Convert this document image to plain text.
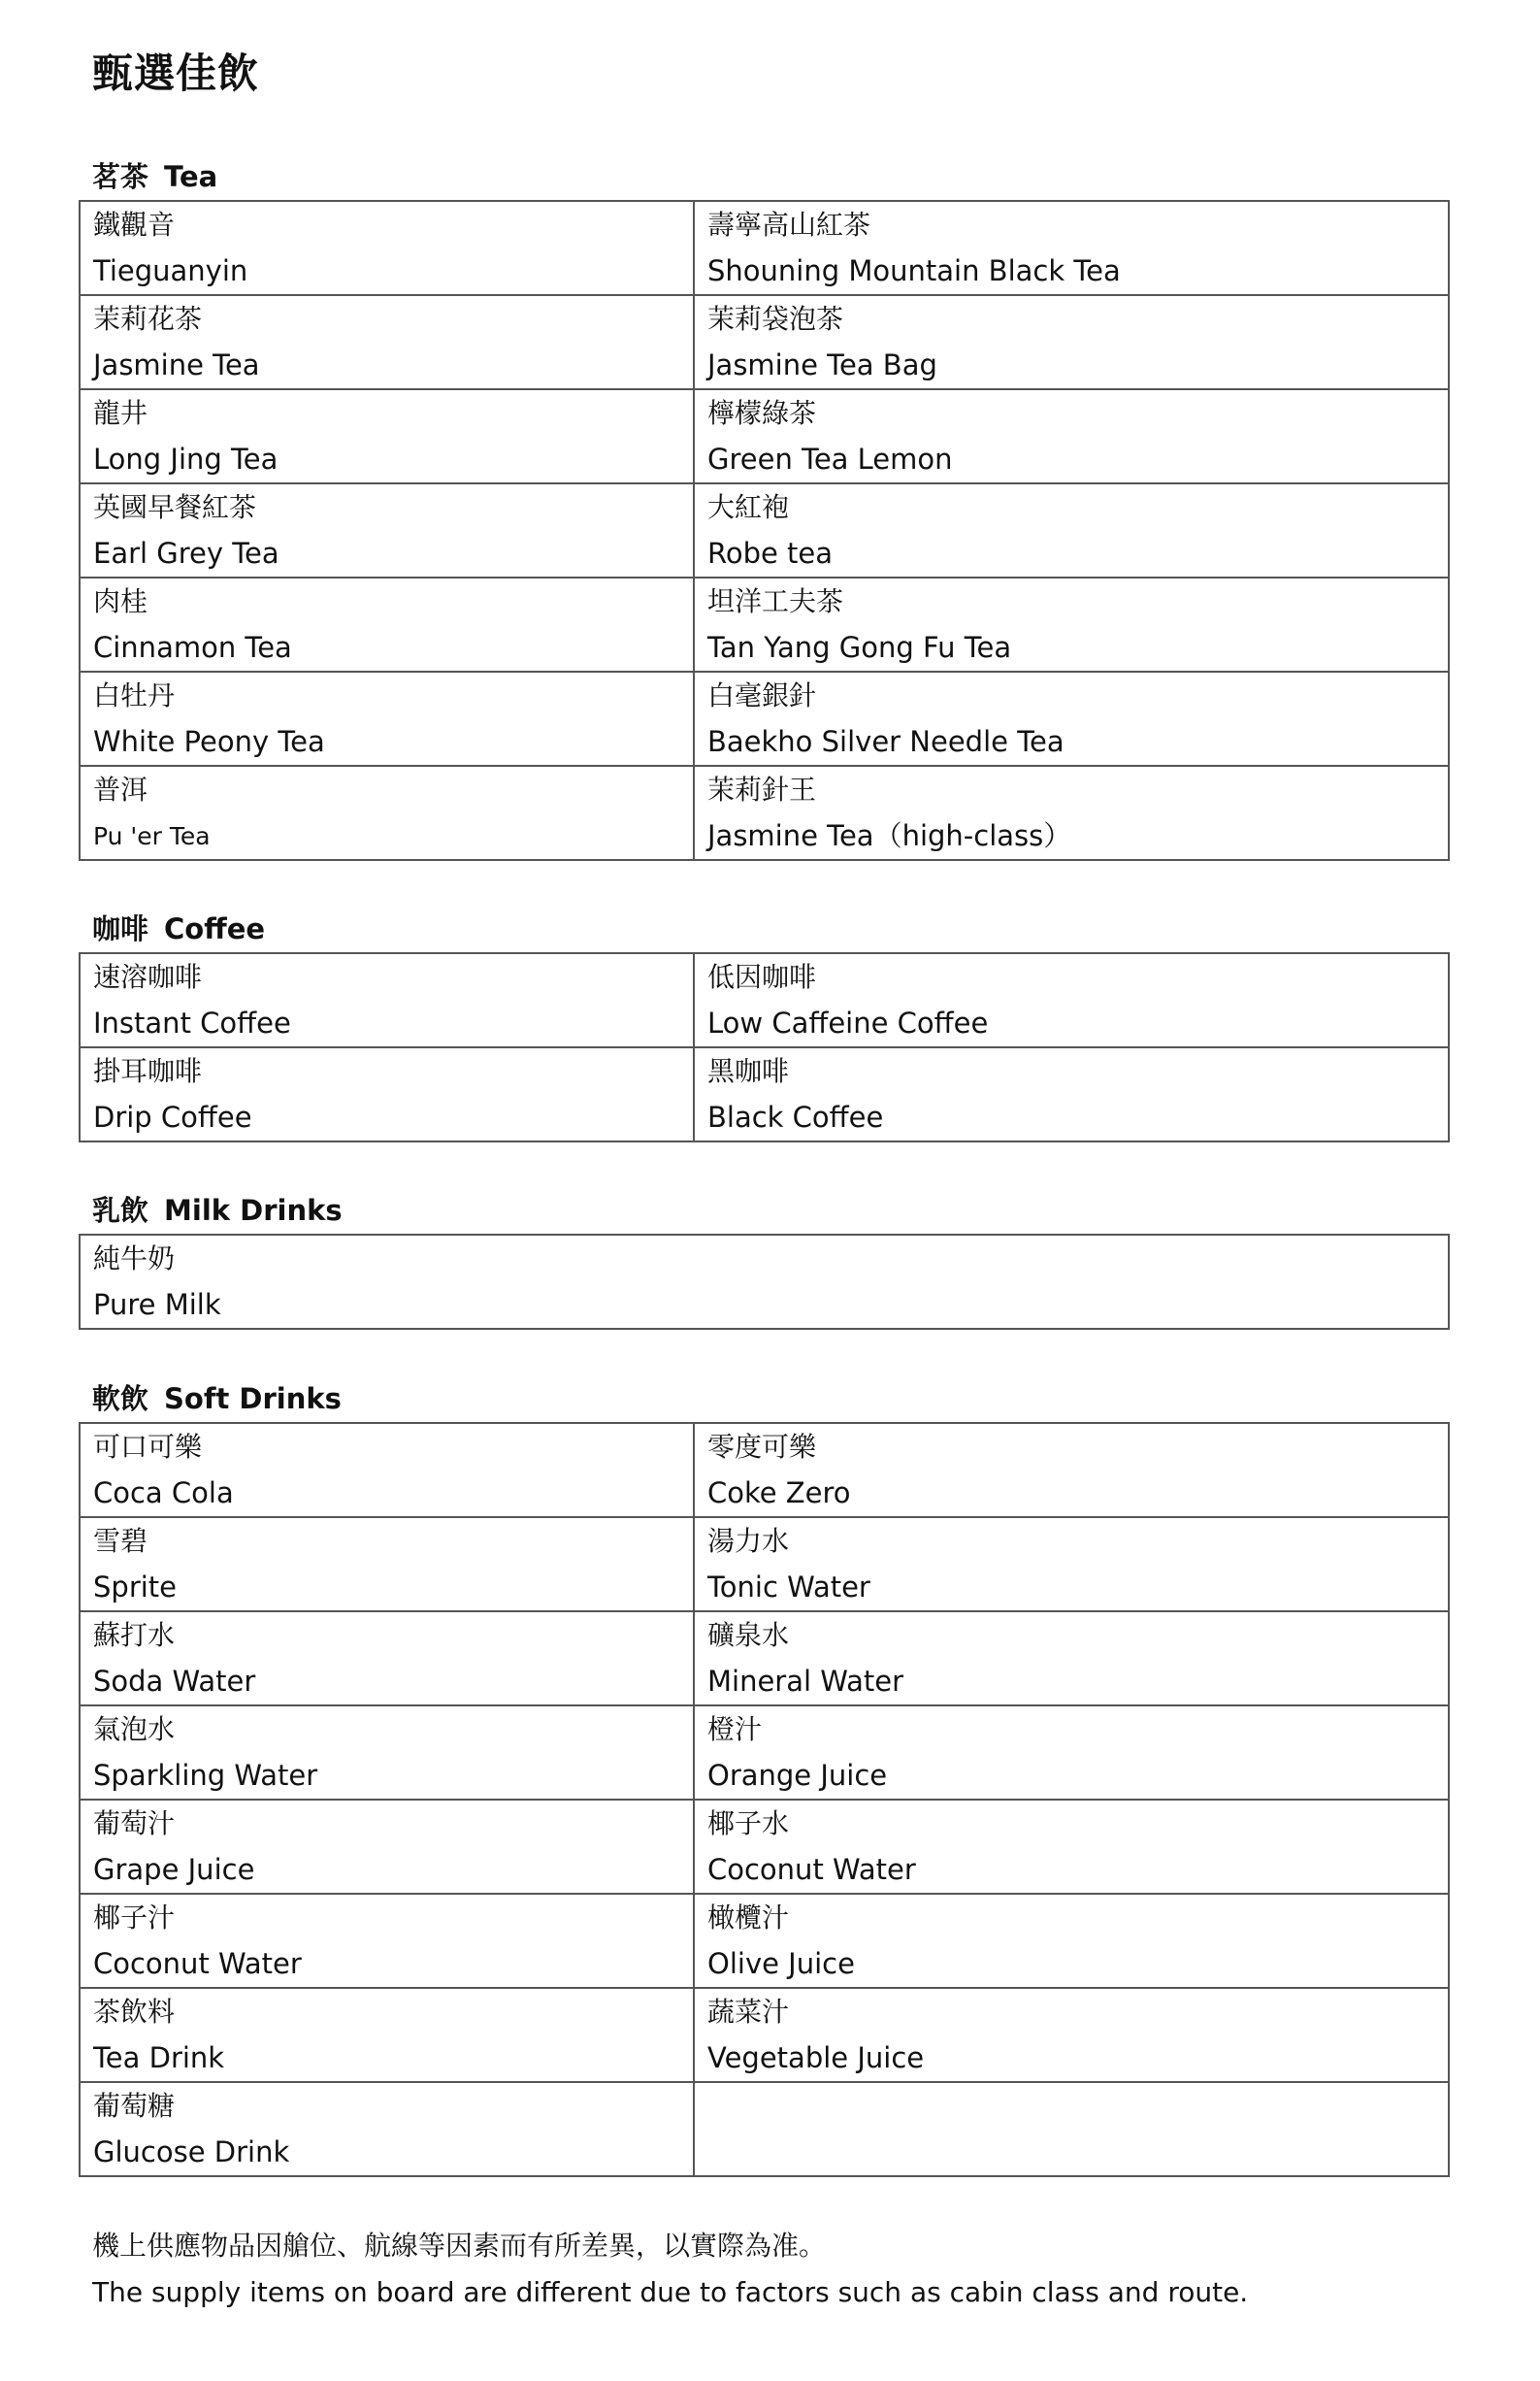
甄選佳飲
茗茶 Tea
鐵觀音
Tieguanyin
壽寧高山紅茶
Shouning Mountain Black Tea
茉莉花茶
Jasmine Tea
茉莉袋泡茶
Jasmine Tea Bag
龍井
Long Jing Tea
檸檬綠茶
Green Tea Lemon
英國早餐紅茶
Earl Grey Tea
大紅袍
Robe tea
肉桂
Cinnamon Tea
坦洋工夫茶
Tan Yang Gong Fu Tea
白牡丹
White Peony Tea
白毫銀針
Baekho Silver Needle Tea
普洱
Pu 'er Tea
茉莉針王
Jasmine Tea（high-class）
咖啡 Coffee
速溶咖啡
Instant Coffee
低因咖啡
Low Caffeine Coffee
掛耳咖啡
Drip Coffee
黑咖啡
Black Coffee
乳飲 Milk Drinks
純牛奶
Pure Milk
軟飲 Soft Drinks
可口可樂
Coca Cola
零度可樂
Coke Zero
雪碧
Sprite
湯力水
Tonic Water
蘇打水
Soda Water
礦泉水
Mineral Water
氣泡水
Sparkling Water
橙汁
Orange Juice
葡萄汁
Grape Juice
椰子水
Coconut Water
椰子汁
Coconut Water
橄欖汁
Olive Juice
茶飲料
Tea Drink
蔬菜汁
Vegetable Juice
葡萄糖
Glucose Drink
機上供應物品因艙位、航線等因素而有所差異，以實際為准。
The supply items on board are different due to factors such as cabin class and route.
